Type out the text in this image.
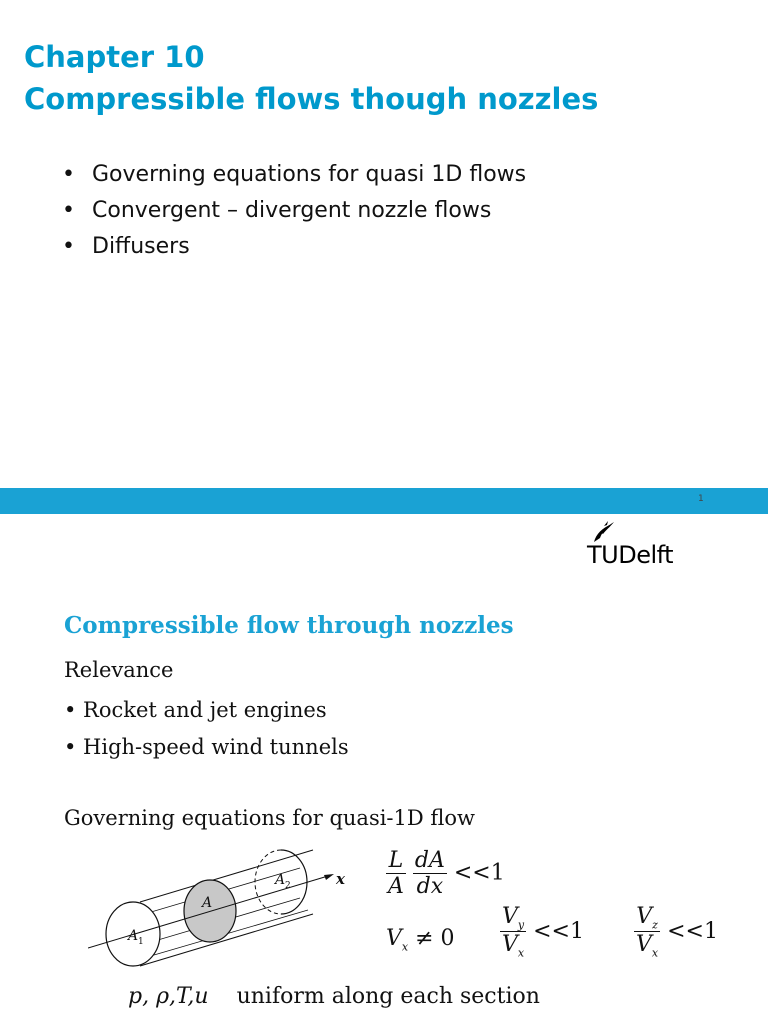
Chapter 10
Compressible flows though nozzles
• Governing equations for quasi 1D flows
• Convergent – divergent nozzle flows
• Diffusers
1
TUDelft
Compressible flow through nozzles
Relevance
• Rocket and jet engines
• High-speed wind tunnels
Governing equations for quasi-1D flow
A 1
A
A 2	x $\frac{L}{A}$
$\frac{dA}{dx} <<1$
$V_x \ne 0 \frac{V_y}{V_x} <<1 \frac{V_z}{V_x} <<1$
p, ρ,T,u uniform along each section
